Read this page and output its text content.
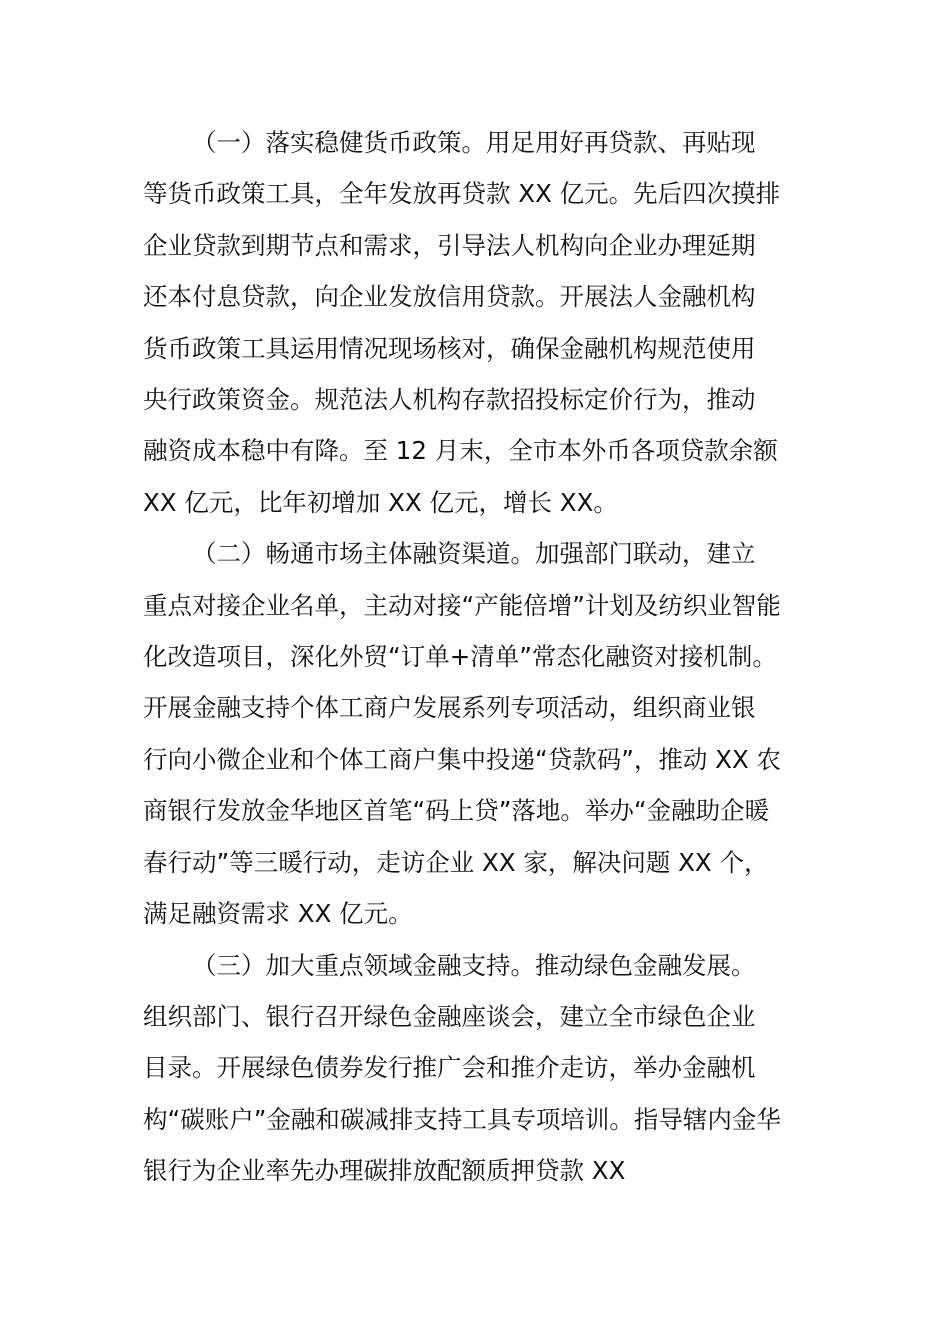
（一）落实稳健货币政策。用足用好再贷款、再贴现
等货币政策工具，全年发放再贷款 XX 亿元。先后四次摸排
企业贷款到期节点和需求，引导法人机构向企业办理延期
还本付息贷款，向企业发放信用贷款。开展法人金融机构
货币政策工具运用情况现场核对，确保金融机构规范使用
央行政策资金。规范法人机构存款招投标定价行为，推动
融资成本稳中有降。至 12 月末，全市本外币各项贷款余额
XX 亿元，比年初增加 XX 亿元，增长 XX。

（二）畅通市场主体融资渠道。加强部门联动，建立
重点对接企业名单，主动对接“产能倍增”计划及纺织业智能
化改造项目，深化外贸“订单+清单”常态化融资对接机制。
开展金融支持个体工商户发展系列专项活动，组织商业银
行向小微企业和个体工商户集中投递“贷款码”，推动 XX 农
商银行发放金华地区首笔“码上贷”落地。举办“金融助企暖
春行动”等三暖行动，走访企业 XX 家，解决问题 XX 个，
满足融资需求 XX 亿元。

（三）加大重点领域金融支持。推动绿色金融发展。
组织部门、银行召开绿色金融座谈会，建立全市绿色企业
目录。开展绿色债券发行推广会和推介走访，举办金融机
构“碳账户”金融和碳减排支持工具专项培训。指导辖内金华
银行为企业率先办理碳排放配额质押贷款 XX
